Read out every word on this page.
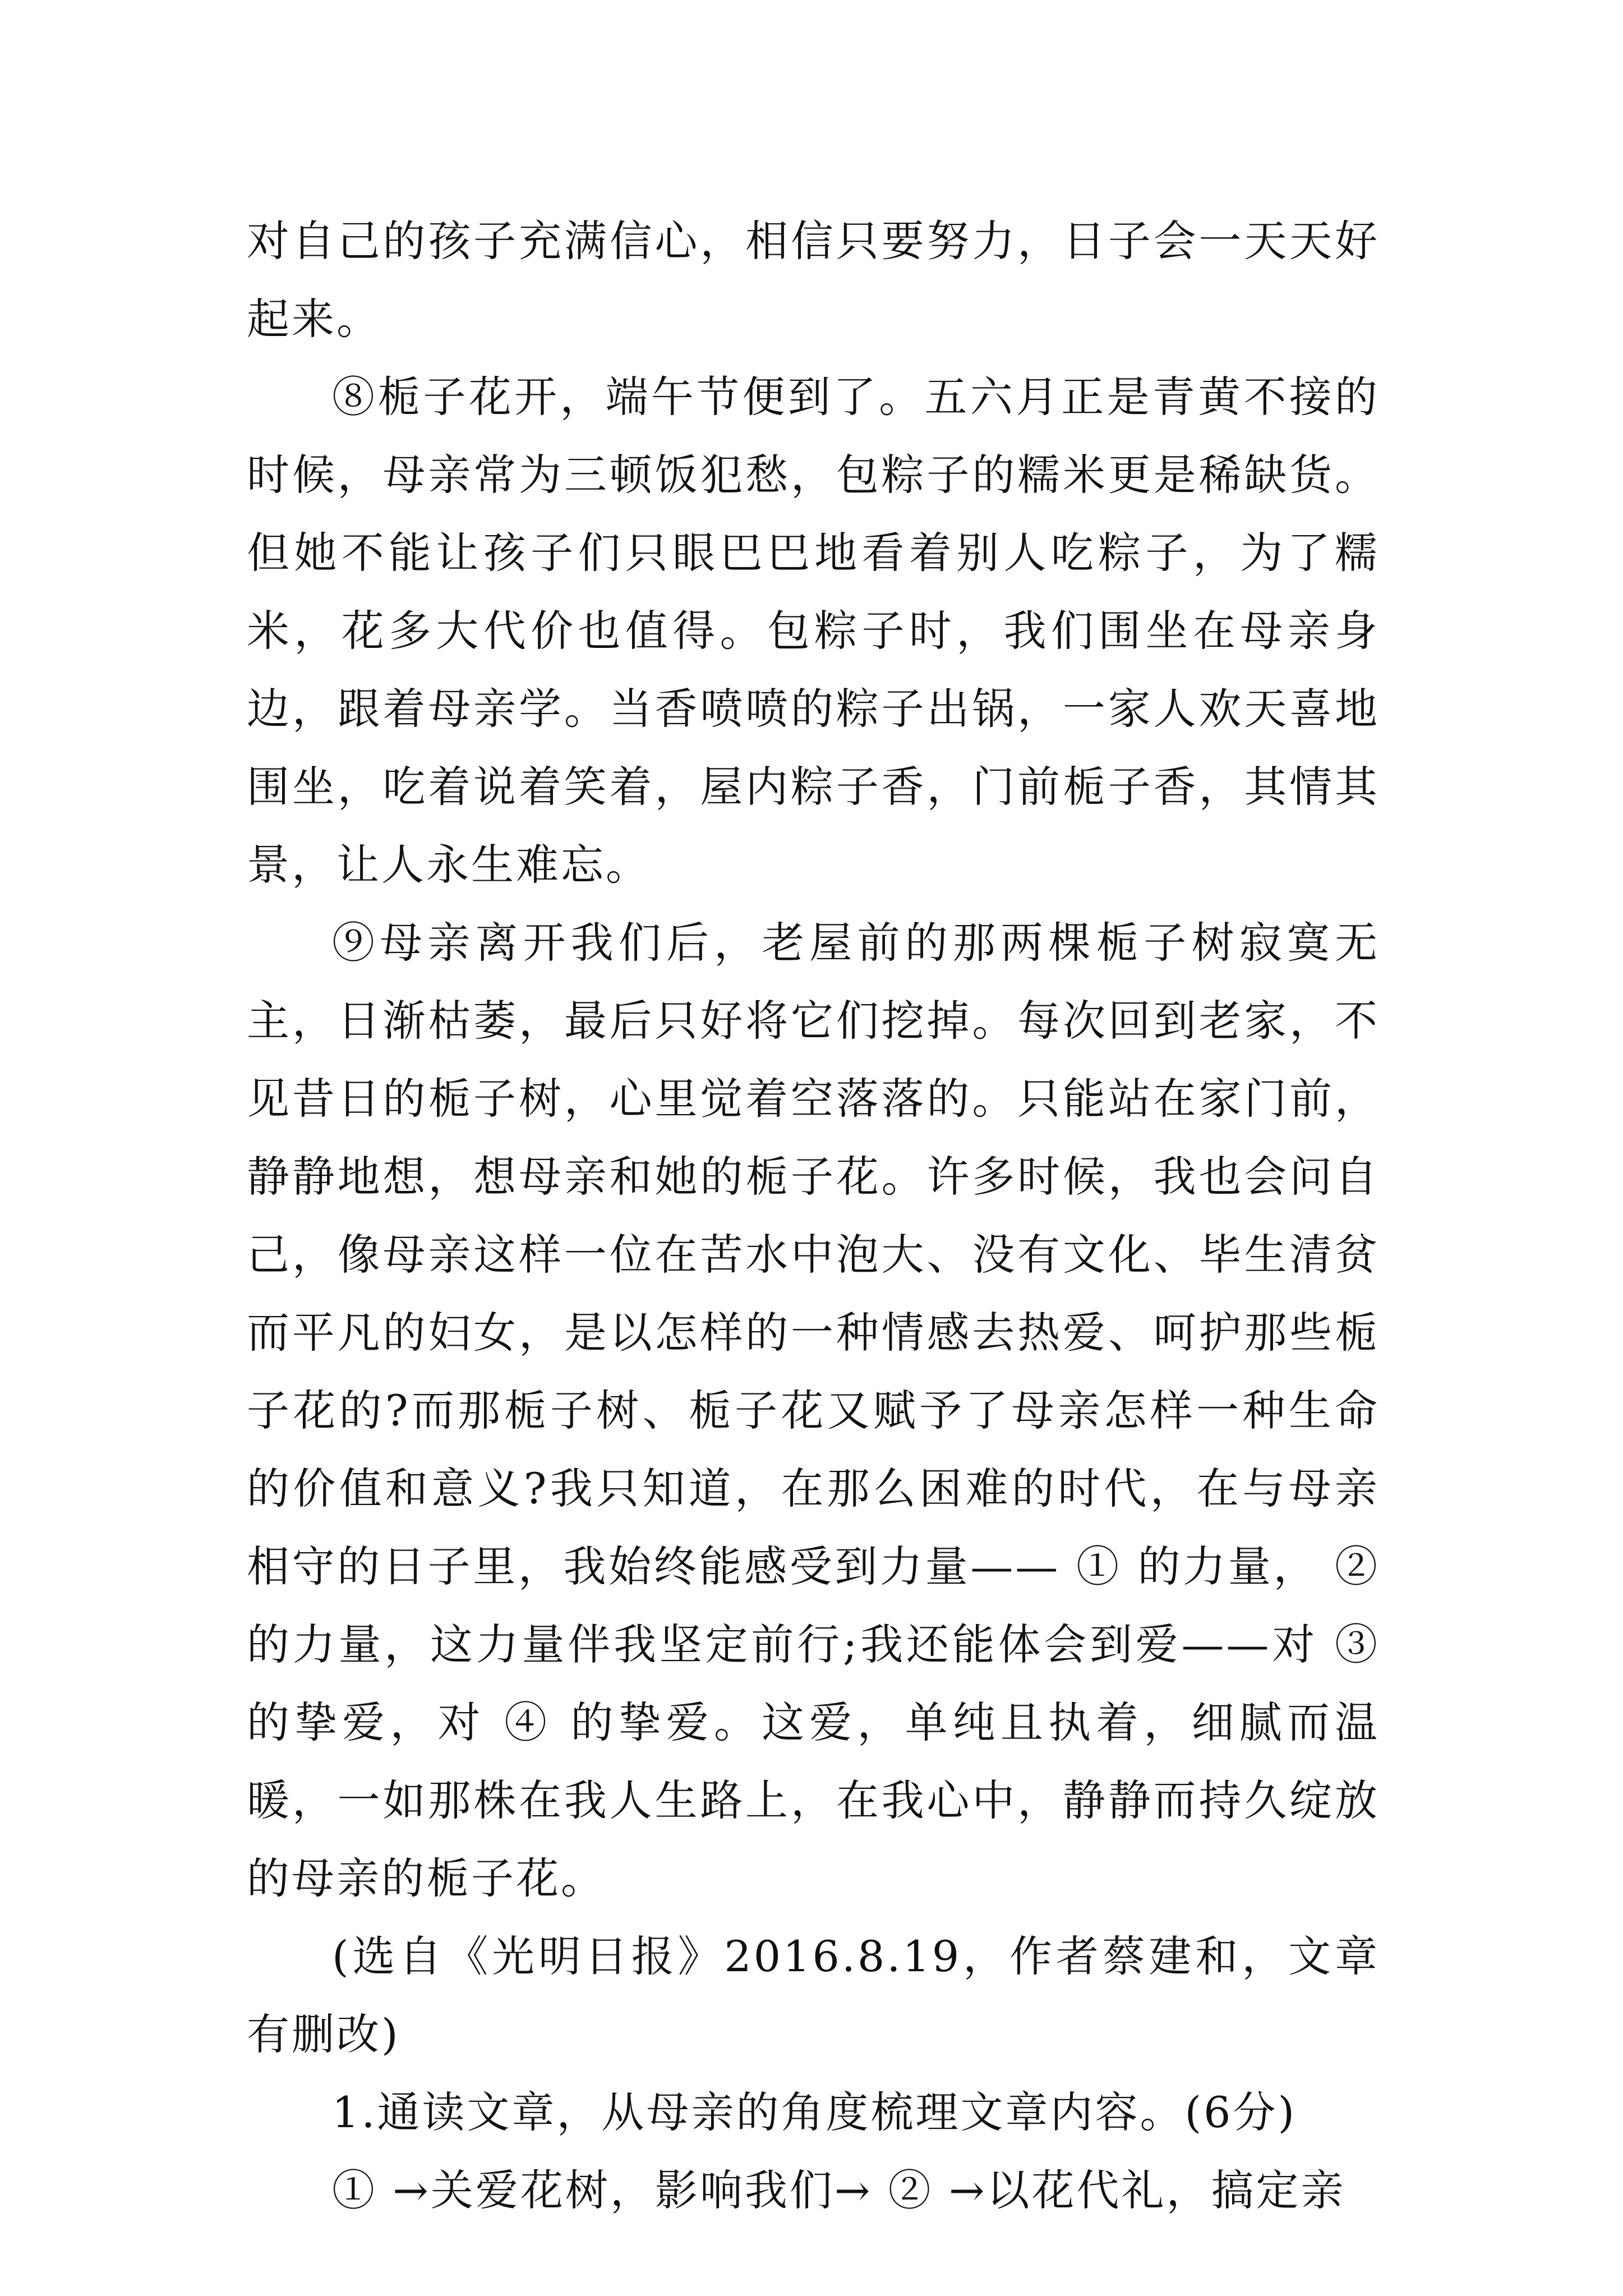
对自己的孩子充满信心，相信只要努力，日子会一天天好起来。

⑧栀子花开，端午节便到了。五六月正是青黄不接的时候，母亲常为三顿饭犯愁，包粽子的糯米更是稀缺货。但她不能让孩子们只眼巴巴地看着别人吃粽子，为了糯米，花多大代价也值得。包粽子时，我们围坐在母亲身边，跟着母亲学。当香喷喷的粽子出锅，一家人欢天喜地围坐，吃着说着笑着，屋内粽子香，门前栀子香，其情其景，让人永生难忘。

⑨母亲离开我们后，老屋前的那两棵栀子树寂寞无主，日渐枯萎，最后只好将它们挖掉。每次回到老家，不见昔日的栀子树，心里觉着空落落的。只能站在家门前，静静地想，想母亲和她的栀子花。许多时候，我也会问自己，像母亲这样一位在苦水中泡大、没有文化、毕生清贫而平凡的妇女，是以怎样的一种情感去热爱、呵护那些栀子花的?而那栀子树、栀子花又赋予了母亲怎样一种生命的价值和意义?我只知道，在那么困难的时代，在与母亲相守的日子里，我始终能感受到力量—— ① 的力量， ② 的力量，这力量伴我坚定前行;我还能体会到爱——对 ③ 的挚爱，对 ④ 的挚爱。这爱，单纯且执着，细腻而温暖，一如那株在我人生路上，在我心中，静静而持久绽放的母亲的栀子花。

(选自《光明日报》2016.8.19，作者蔡建和，文章有删改)

1.通读文章，从母亲的角度梳理文章内容。(6分)

① →关爱花树，影响我们→ ② →以花代礼，搞定亲
